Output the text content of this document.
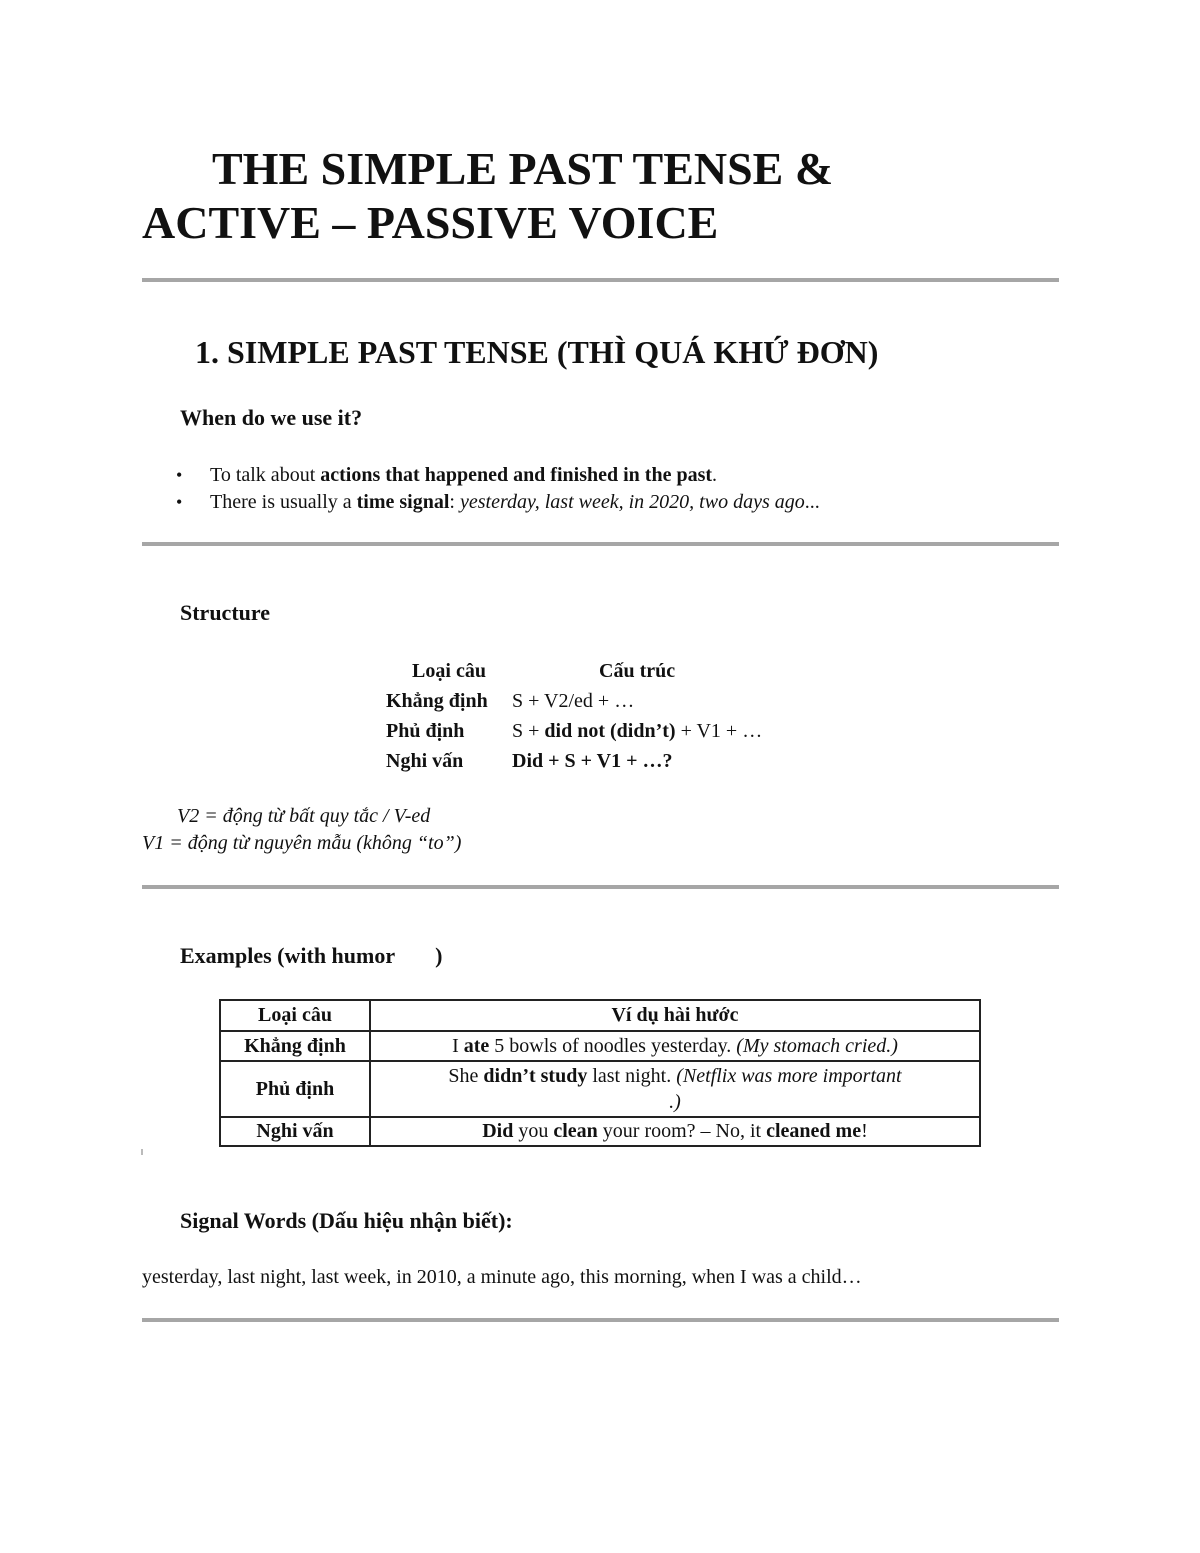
THE SIMPLE PAST TENSE &
ACTIVE – PASSIVE VOICE
1. SIMPLE PAST TENSE (THÌ QUÁ KHỨ ĐƠN)
When do we use it?
• To talk about actions that happened and finished in the past.
• There is usually a time signal: yesterday, last week, in 2020, two days ago...
Structure
Loại câu	Cấu trúc
Khẳng định	S + V2/ed + …
Phủ định	S + did not (didn’t) + V1 + …
Nghi vấn	Did + S + V1 + …?
V2 = động từ bất quy tắc / V-ed
V1 = động từ nguyên mẫu (không “to”)
Examples (with humor )
Loại câu	Ví dụ hài hước
Khẳng định	I ate 5 bowls of noodles yesterday. (My stomach cried.)
Phủ định	She didn’t study last night. (Netflix was more important
.)
Nghi vấn	Did you clean your room? – No, it cleaned me!
Signal Words (Dấu hiệu nhận biết):
yesterday, last night, last week, in 2010, a minute ago, this morning, when I was a child…
